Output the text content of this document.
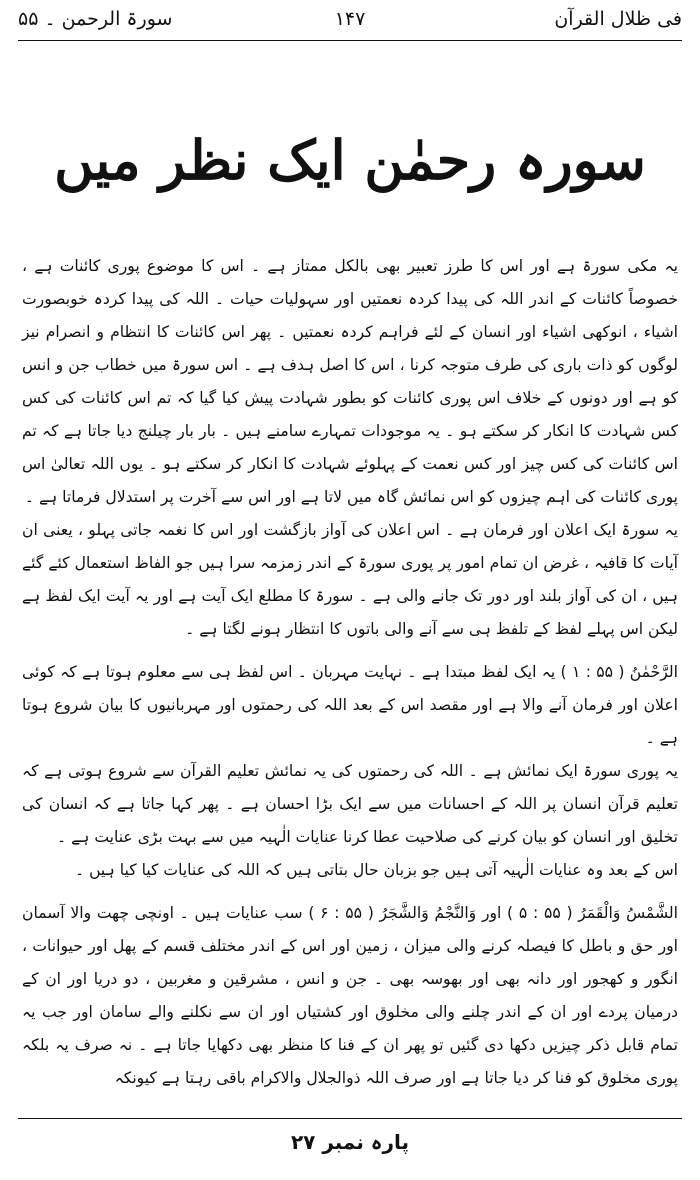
فی ظلال القرآن
۱۴۷
سورۃ الرحمن ۔ ۵۵
سورہ رحمٰن ایک نظر میں

یہ مکی سورۃ ہے اور اس کا طرز تعبیر بھی بالکل ممتاز ہے ۔ اس کا موضوع پوری کائنات ہے ، خصوصاً کائنات کے اندر اللہ کی پیدا کردہ نعمتیں اور سہولیات حیات ۔ اللہ کی پیدا کردہ خوبصورت اشیاء ، انوکھی اشیاء اور انسان کے لئے فراہم کردہ نعمتیں ۔ پھر اس کائنات کا انتظام و انصرام نیز لوگوں کو ذات باری کی طرف متوجہ کرنا ، اس کا اصل ہدف ہے ۔ اس سورۃ میں خطاب جن و انس کو ہے اور دونوں کے خلاف اس پوری کائنات کو بطور شہادت پیش کیا گیا کہ تم اس کائنات کی کس کس شہادت کا انکار کر سکتے ہو ۔ یہ موجودات تمہارے سامنے ہیں ۔ بار بار چیلنج دیا جاتا ہے کہ تم اس کائنات کی کس چیز اور کس نعمت کے پہلوئے شہادت کا انکار کر سکتے ہو ۔ یوں اللہ تعالیٰ اس پوری کائنات کی اہم چیزوں کو اس نمائش گاہ میں لاتا ہے اور اس سے آخرت پر استدلال فرماتا ہے ۔

یہ سورۃ ایک اعلان اور فرمان ہے ۔ اس اعلان کی آواز بازگشت اور اس کا نغمہ جاتی پہلو ، یعنی ان آیات کا قافیہ ، غرض ان تمام امور پر پوری سورۃ کے اندر زمزمہ سرا ہیں جو الفاظ استعمال کئے گئے ہیں ، ان کی آواز بلند اور دور تک جانے والی ہے ۔ سورۃ کا مطلع ایک آیت ہے اور یہ آیت ایک لفظ ہے لیکن اس پہلے لفظ کے تلفظ ہی سے آنے والی باتوں کا انتظار ہونے لگتا ہے ۔

الرَّحْمٰنُ ( ۵۵ : ۱ ) یہ ایک لفظ مبتدا ہے ۔ نہایت مہربان ۔ اس لفظ ہی سے معلوم ہوتا ہے کہ کوئی اعلان اور فرمان آنے والا ہے اور مقصد اس کے بعد اللہ کی رحمتوں اور مہربانیوں کا بیان شروع ہوتا ہے ۔

یہ پوری سورۃ ایک نمائش ہے ۔ اللہ کی رحمتوں کی یہ نمائش تعلیم القرآن سے شروع ہوتی ہے کہ تعلیم قرآن انسان پر اللہ کے احسانات میں سے ایک بڑا احسان ہے ۔ پھر کہا جاتا ہے کہ انسان کی تخلیق اور انسان کو بیان کرنے کی صلاحیت عطا کرنا عنایات الٰہیہ میں سے بہت بڑی عنایت ہے ۔

اس کے بعد وہ عنایات الٰہیہ آتی ہیں جو بزبان حال بتاتی ہیں کہ اللہ کی عنایات کیا کیا ہیں ۔

الشَّمْسُ وَالْقَمَرُ ( ۵۵ : ۵ ) اور وَالنَّجْمُ وَالشَّجَرُ ( ۵۵ : ۶ ) سب عنایات ہیں ۔ اونچی چھت والا آسمان اور حق و باطل کا فیصلہ کرنے والی میزان ، زمین اور اس کے اندر مختلف قسم کے پھل اور حیوانات ، انگور و کھجور اور دانہ بھی اور بھوسہ بھی ۔ جن و انس ، مشرقین و مغربین ، دو دریا اور ان کے درمیان پردے اور ان کے اندر چلنے والی مخلوق اور کشتیاں اور ان سے نکلنے والے سامان اور جب یہ تمام قابل ذکر چیزیں دکھا دی گئیں تو پھر ان کے فنا کا منظر بھی دکھایا جاتا ہے ۔ نہ صرف یہ بلکہ پوری مخلوق کو فنا کر دیا جاتا ہے اور صرف اللہ ذوالجلال والاکرام باقی رہتا ہے کیونکہ

پارہ نمبر ۲۷
